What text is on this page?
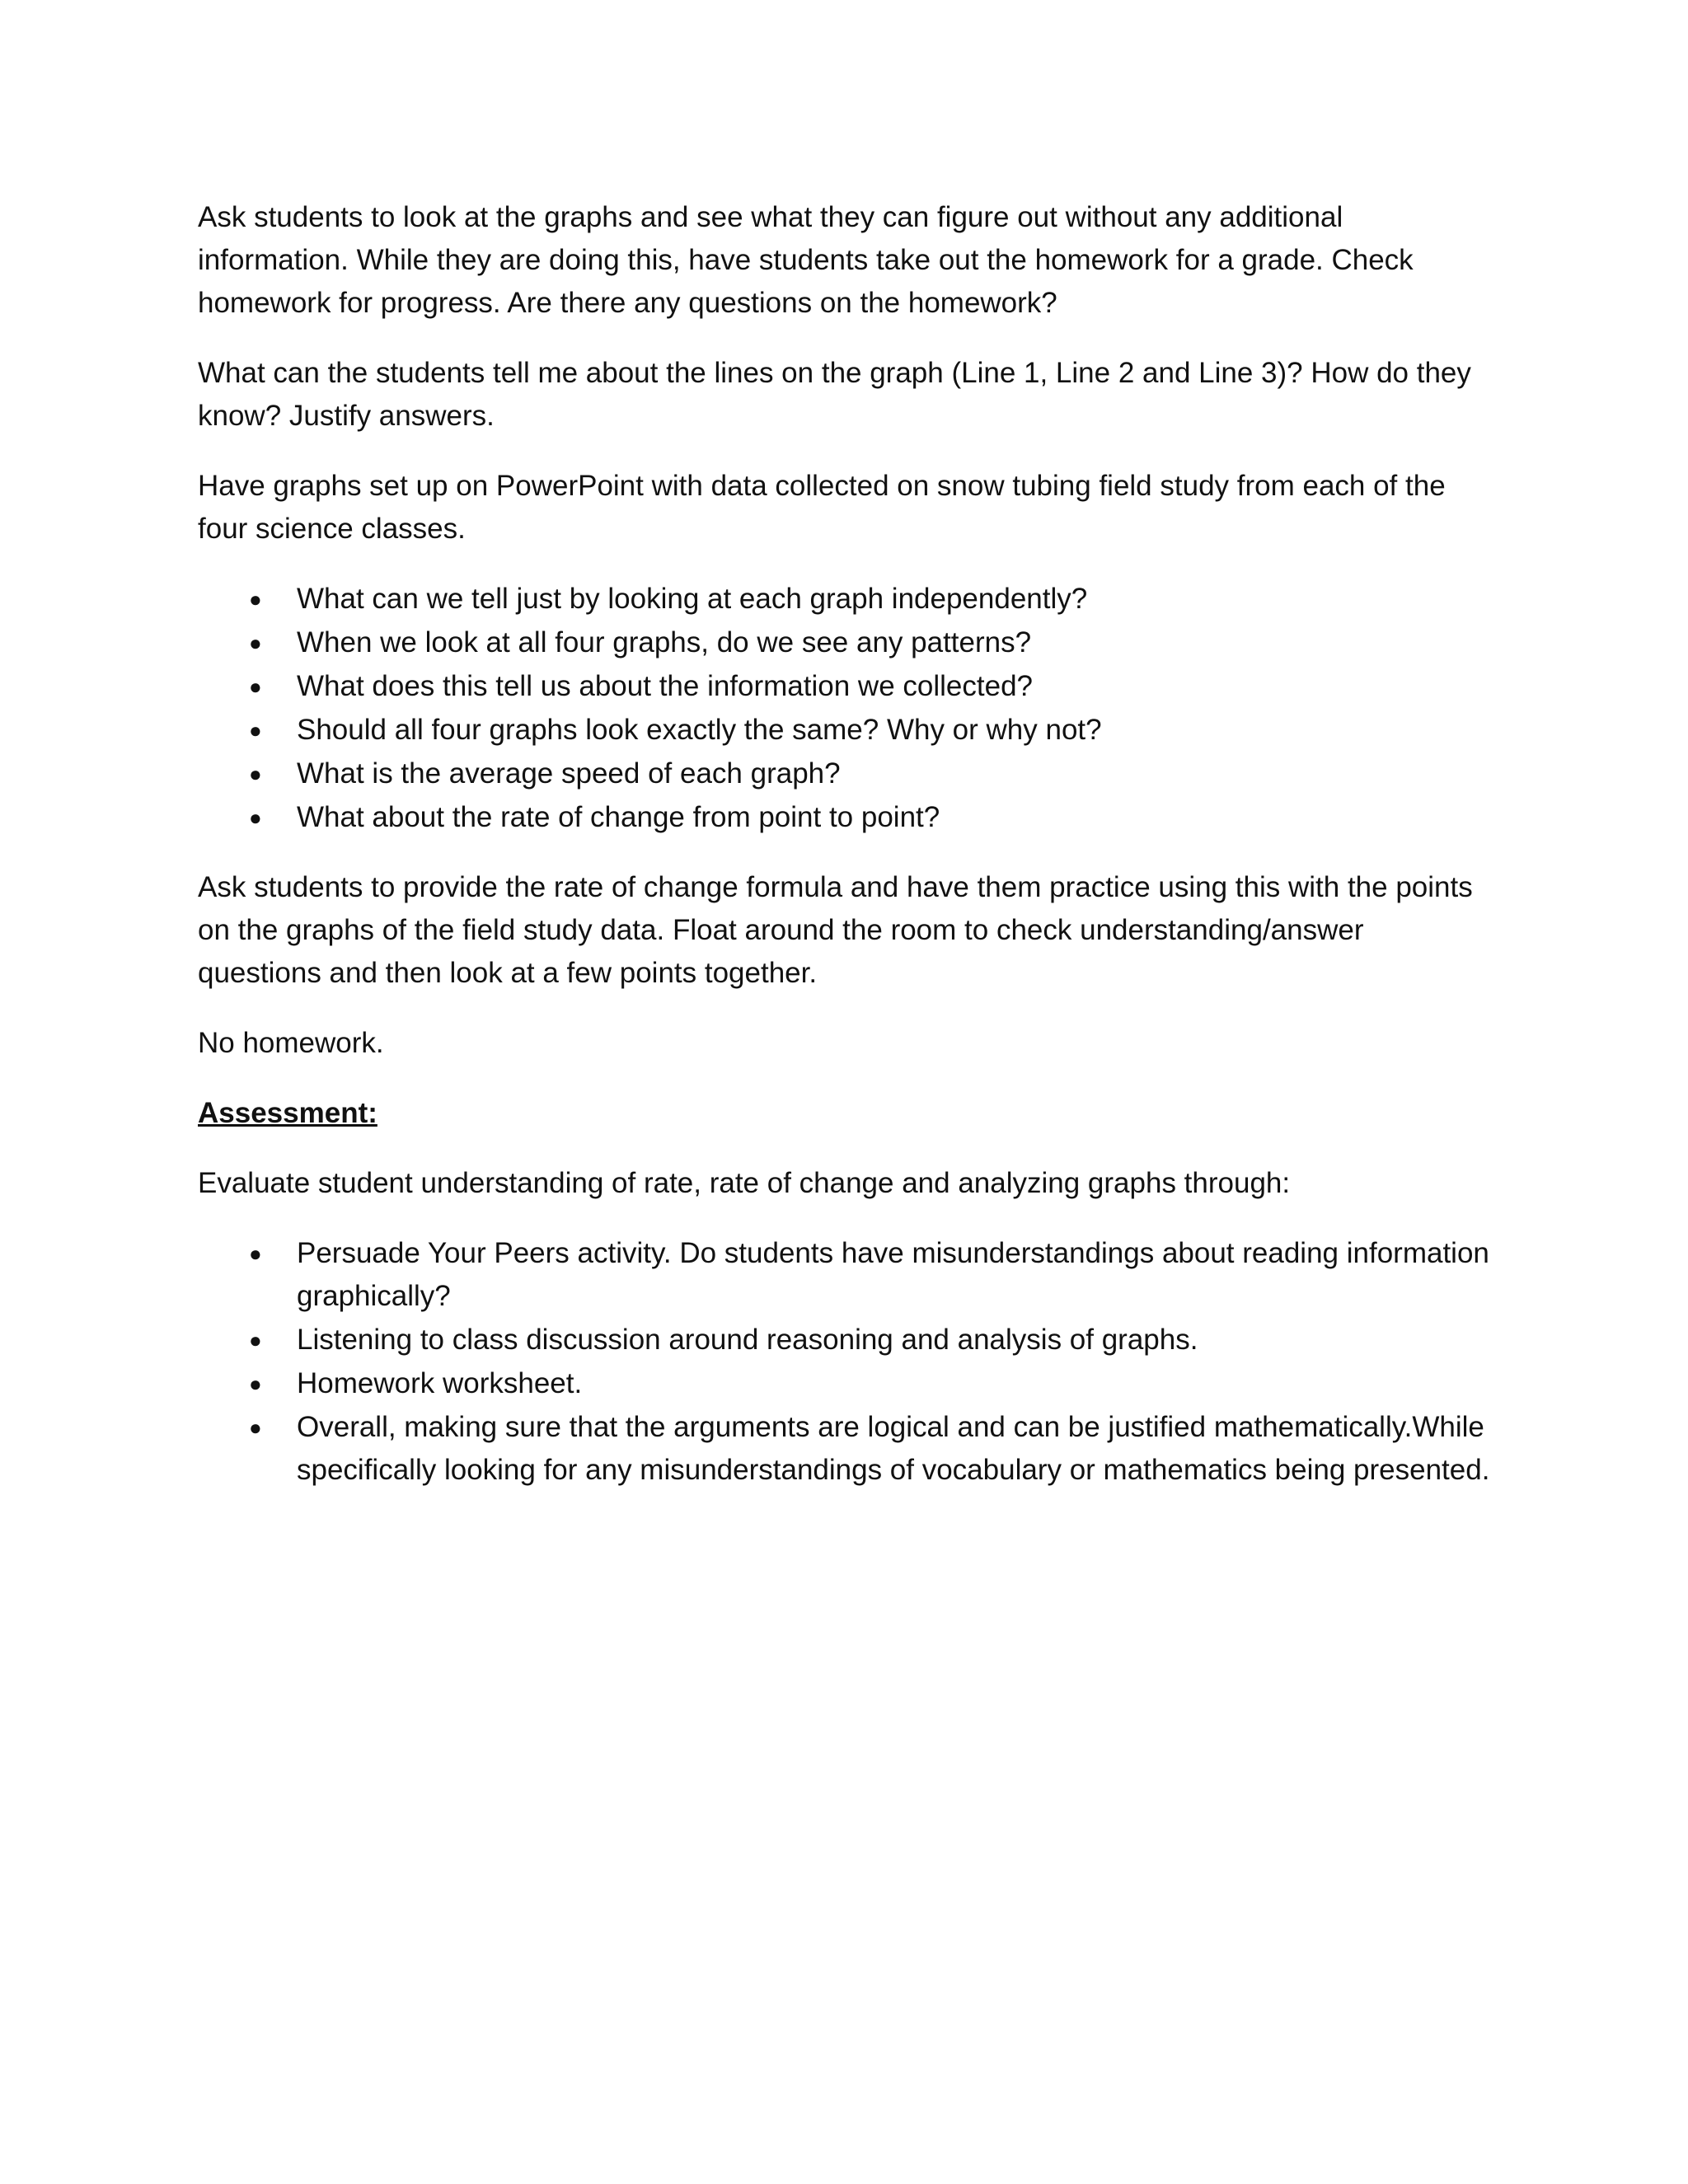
Ask students to look at the graphs and see what they can figure out without any additional information. While they are doing this, have students take out the homework for a grade. Check homework for progress. Are there any questions on the homework?

What can the students tell me about the lines on the graph (Line 1, Line 2 and Line 3)? How do they know? Justify answers.

Have graphs set up on PowerPoint with data collected on snow tubing field study from each of the four science classes.

●	What can we tell just by looking at each graph independently?
●	When we look at all four graphs, do we see any patterns?
●	What does this tell us about the information we collected?
●	Should all four graphs look exactly the same? Why or why not?
●	What is the average speed of each graph?
●	What about the rate of change from point to point?

Ask students to provide the rate of change formula and have them practice using this with the points on the graphs of the field study data. Float around the room to check understanding/answer questions and then look at a few points together.

No homework.

Assessment:

Evaluate student understanding of rate, rate of change and analyzing graphs through:

●	Persuade Your Peers activity. Do students have misunderstandings about reading information graphically?
●	Listening to class discussion around reasoning and analysis of graphs.
●	Homework worksheet.
●	Overall, making sure that the arguments are logical and can be justified mathematically.While specifically looking for any misunderstandings of vocabulary or mathematics being presented.
